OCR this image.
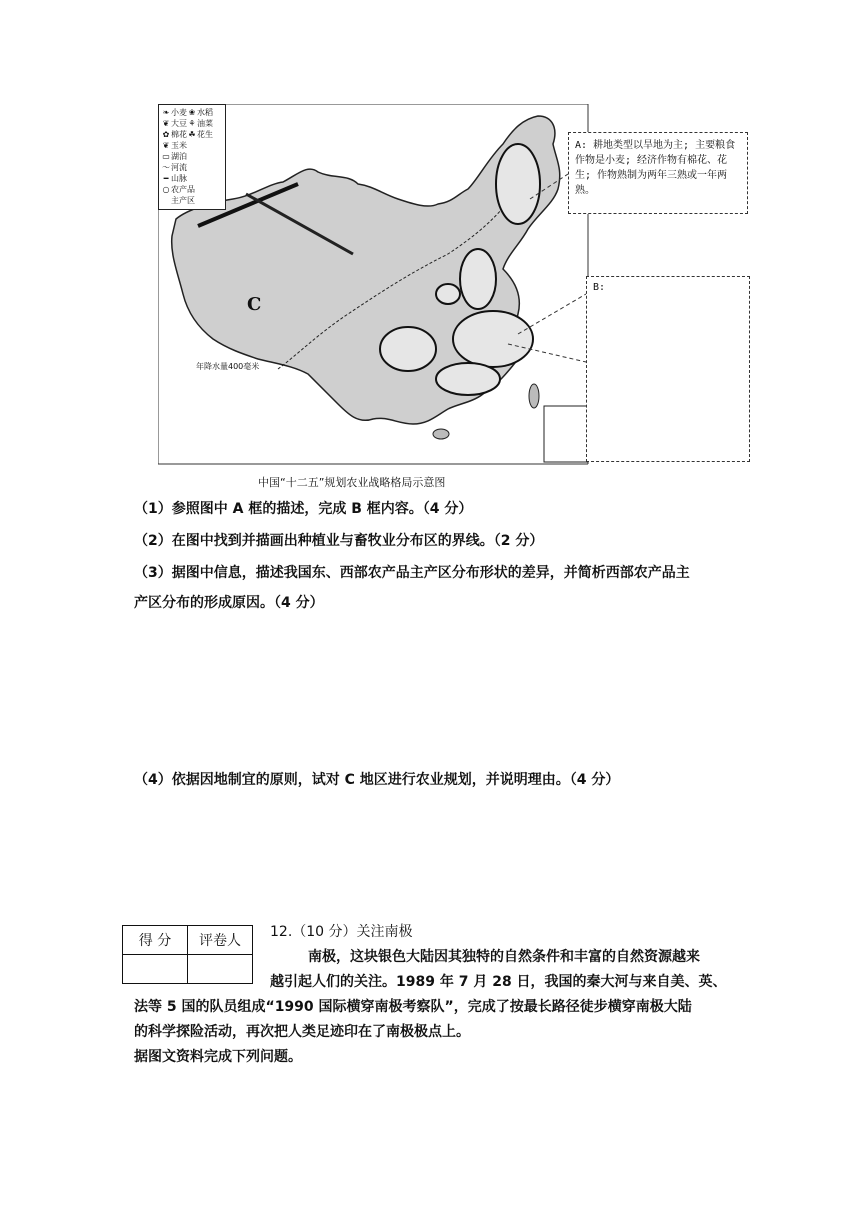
❧ 小麦 ❀ 水稻
❦ 大豆 ⚘ 油菜
✿ 棉花 ☘ 花生
❦ 玉米
▭ 湖泊
〜 河流
━ 山脉
○ 农产品
主产区
A: 耕地类型以旱地为主; 主要粮食作物是小麦; 经济作物有棉花、花生; 作物熟制为两年三熟或一年两熟。
B:
C
年降水量400毫米
中国“十二五”规划农业战略格局示意图
（1）参照图中 A 框的描述，完成 B 框内容。（4 分）
（2）在图中找到并描画出种植业与畜牧业分布区的界线。（2 分）
（3）据图中信息，描述我国东、西部农产品主产区分布形状的差异，并简析西部农产品主
产区分布的形成原因。（4 分）
（4）依据因地制宜的原则，试对 C 地区进行农业规划，并说明理由。（4 分）
得 分	评卷人

12.（10 分）关注南极
南极，这块银色大陆因其独特的自然条件和丰富的自然资源越来
越引起人们的关注。1989 年 7 月 28 日，我国的秦大河与来自美、英、
法等 5 国的队员组成“1990 国际横穿南极考察队”，完成了按最长路径徒步横穿南极大陆
的科学探险活动，再次把人类足迹印在了南极极点上。
据图文资料完成下列问题。
